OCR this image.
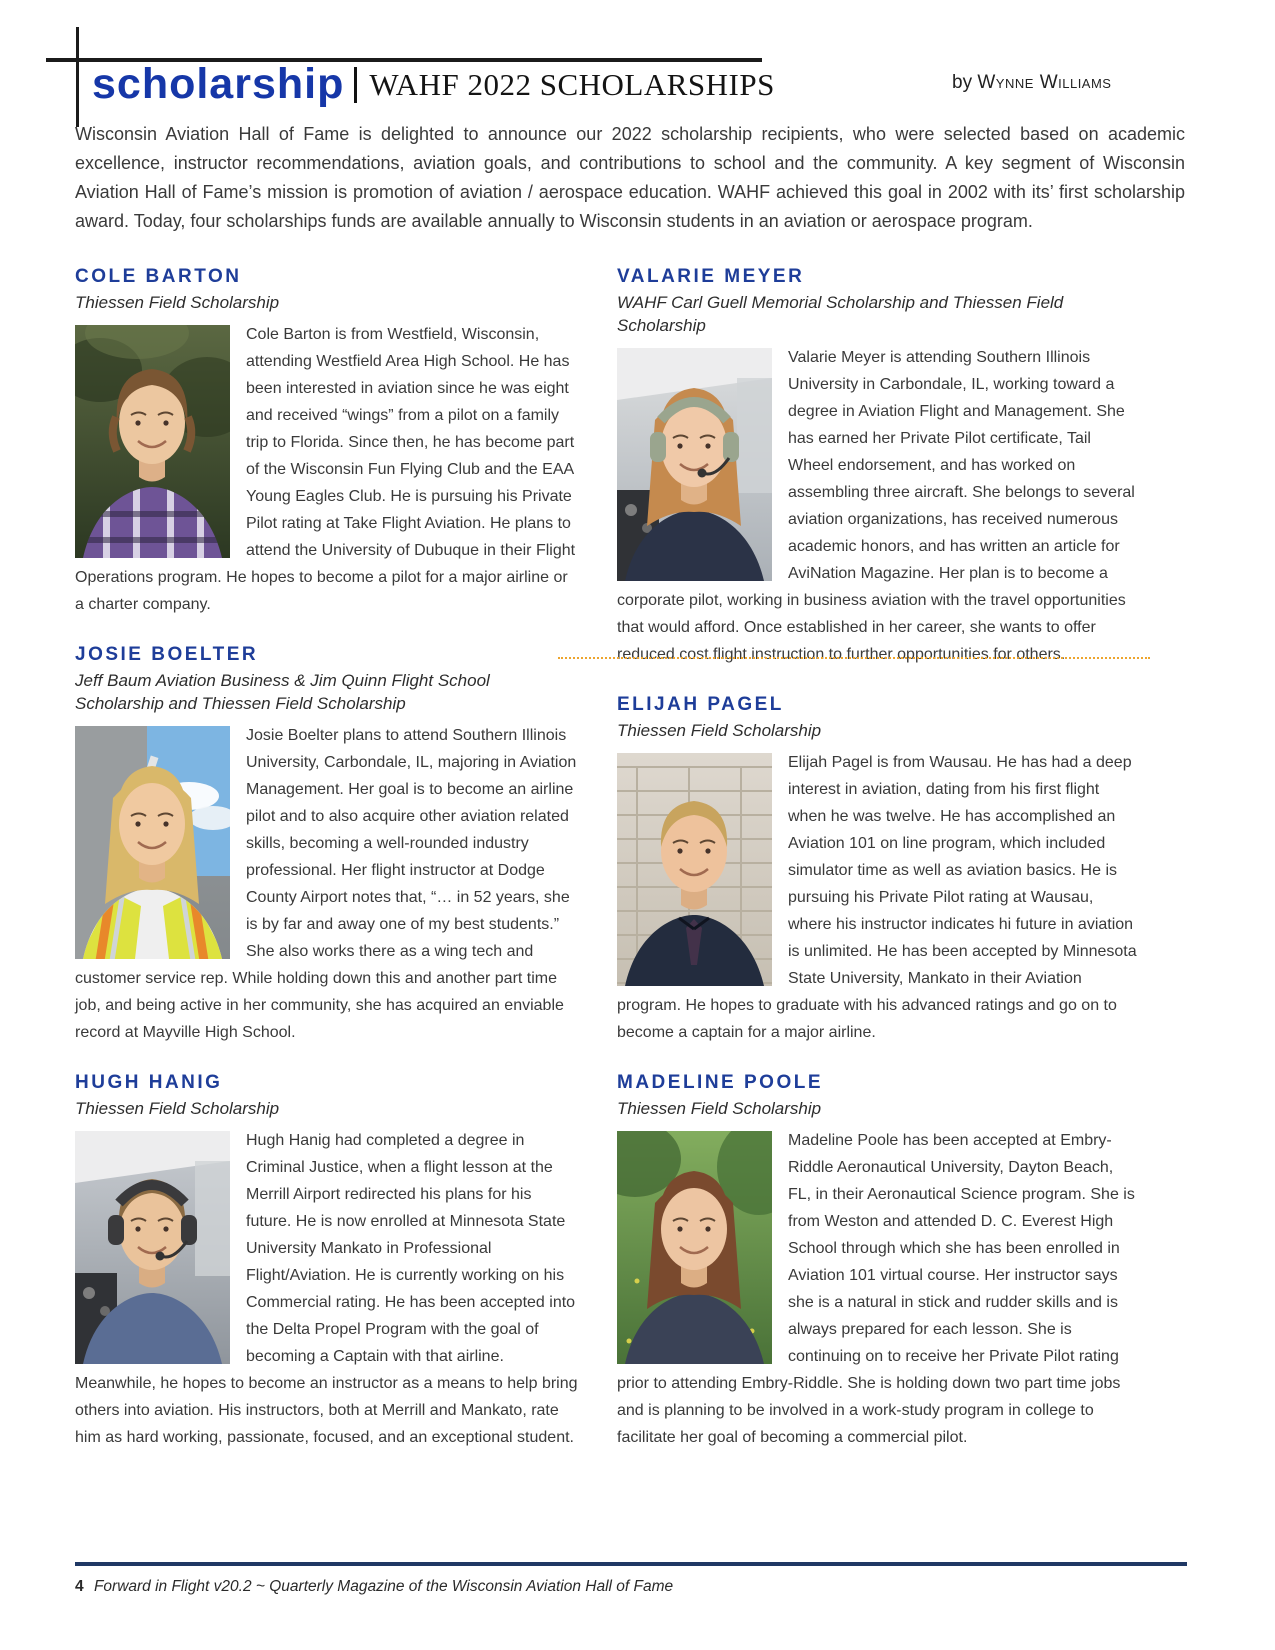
scholarship WAHF 2022 SCHOLARSHIPS	by Wynne Williams

Wisconsin Aviation Hall of Fame is delighted to announce our 2022 scholarship recipients, who were selected based on academic excellence, instructor recommendations, aviation goals, and contributions to school and the community. A key segment of Wisconsin Aviation Hall of Fame’s mission is promotion of aviation / aerospace education. WAHF achieved this goal in 2002 with its’ first scholarship award. Today, four scholarships funds are available annually to Wisconsin students in an aviation or aerospace program.

COLE BARTON

Thiessen Field Scholarship

Cole Barton is from Westfield, Wisconsin, attending Westfield Area High School. He has been interested in aviation since he was eight and received “wings” from a pilot on a family trip to Florida. Since then, he has become part of the Wisconsin Fun Flying Club and the EAA Young Eagles Club. He is pursuing his Private Pilot rating at Take Flight Aviation. He plans to attend the University of Dubuque in their Flight Operations program. He hopes to become a pilot for a major airline or a charter company.

JOSIE BOELTER

Jeff Baum Aviation Business & Jim Quinn Flight School Scholarship and Thiessen Field Scholarship

Josie Boelter plans to attend Southern Illinois University, Carbondale, IL, majoring in Aviation Management. Her goal is to become an airline pilot and to also acquire other aviation related skills, becoming a well-rounded industry professional. Her flight instructor at Dodge County Airport notes that, “… in 52 years, she is by far and away one of my best students.” She also works there as a wing tech and customer service rep. While holding down this and another part time job, and being active in her community, she has acquired an enviable record at Mayville High School.

HUGH HANIG

Thiessen Field Scholarship

Hugh Hanig had completed a degree in Criminal Justice, when a flight lesson at the Merrill Airport redirected his plans for his future. He is now enrolled at Minnesota State University Mankato in Professional Flight/Aviation. He is currently working on his Commercial rating. He has been accepted into the Delta Propel Program with the goal of becoming a Captain with that airline. Meanwhile, he hopes to become an instructor as a means to help bring others into aviation. His instructors, both at Merrill and Mankato, rate him as hard working, passionate, focused, and an exceptional student.

VALARIE MEYER

WAHF Carl Guell Memorial Scholarship and Thiessen Field Scholarship

Valarie Meyer is attending Southern Illinois University in Carbondale, IL, working toward a degree in Aviation Flight and Management. She has earned her Private Pilot certificate, Tail Wheel endorsement, and has worked on assembling three aircraft. She belongs to several aviation organizations, has received numerous academic honors, and has written an article for AviNation Magazine. Her plan is to become a corporate pilot, working in business aviation with the travel opportunities that would afford. Once established in her career, she wants to offer reduced cost flight instruction to further opportunities for others.

ELIJAH PAGEL

Thiessen Field Scholarship

Elijah Pagel is from Wausau. He has had a deep interest in aviation, dating from his first flight when he was twelve. He has accomplished an Aviation 101 on line program, which included simulator time as well as aviation basics. He is pursuing his Private Pilot rating at Wausau, where his instructor indicates hi future in aviation is unlimited. He has been accepted by Minnesota State University, Mankato in their Aviation program. He hopes to graduate with his advanced ratings and go on to become a captain for a major airline.

MADELINE POOLE

Thiessen Field Scholarship

Madeline Poole has been accepted at Embry-Riddle Aeronautical University, Dayton Beach, FL, in their Aeronautical Science program. She is from Weston and attended D. C. Everest High School through which she has been enrolled in Aviation 101 virtual course. Her instructor says she is a natural in stick and rudder skills and is always prepared for each lesson. She is continuing on to receive her Private Pilot rating prior to attending Embry-Riddle. She is holding down two part time jobs and is planning to be involved in a work-study program in college to facilitate her goal of becoming a commercial pilot.

4 Forward in Flight v20.2 ~ Quarterly Magazine of the Wisconsin Aviation Hall of Fame
